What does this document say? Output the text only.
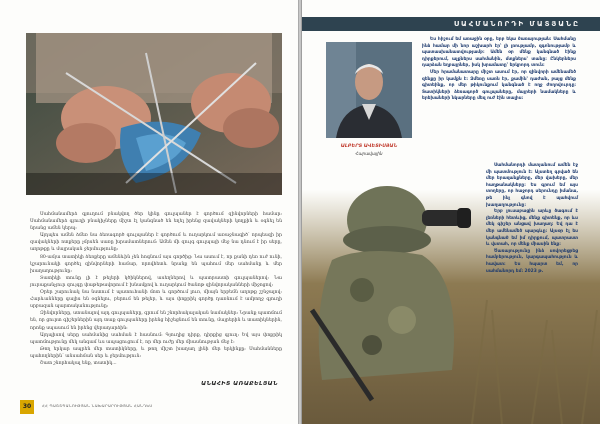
Սահմանամերձ գյուղում բնակվող ծեր կինը գուլպաներ է գործում զինվորների համար։ Սահմանամերձ գյուղի բնակիչները միշտ էլ կանգնած են եղել իրենց զավակների կողքին և օգնել են նրանց ամեն կերպ։

Այդպես ամեն ձմեռ նա ձեռագործ գուլպաներ է գործում և ուղարկում առաջնագիծ՝ որպեսզի իր զավակների ոտքերը չմրսեն սառը խրամատներում։ Ամեն մի զույգ գուլպայի մեջ նա դնում է իր սերը, աղոթքը և մայրական ջերմությունը։

80-ամյա տատիկի ձեռքերը ամենևին չեն հոգնում այս գործից։ Նա ասում է, որ քանի դեռ ուժ ունի, կշարունակի գործել զինվորների համար, որովհետև նրանք են պահում մեր սահմանը և մեր խաղաղությունը։

Տատիկի տունը լի է թելերի կծիկներով, ասեղներով և պատրաստի գուլպաներով։ Նա յուրաքանչյուր զույգը փաթեթավորում է խնամքով և ուղարկում ծանոթ զինվորականների միջոցով։

Օրեր շարունակ նա նստում է պատուհանի մոտ և գործում լուռ, միայն երբեմն աղոթք շշնջալով։ Հարևանները գալիս են օգնելու, բերում են թելեր, և այս փոքրիկ գործը դառնում է ամբողջ գյուղի սրբազան պարտականությունը։

Զինվորները, ստանալով այդ գուլպաները, գրում են շնորհակալական նամակներ։ Նրանք պատմում են, որ ցուրտ գիշերներին այդ տաք գուլպաները իրենց հիշեցնում են տունը, մայրերին և տատիկներին, որոնք սպասում են իրենց վերադարձին։

Այդպիսով սերը սահմանից սահման է հասնում։ Գյուղից դիրք, դիրքից գյուղ։ Եվ այս փոքրիկ պատմությունը մեկ անգամ ևս ապացուցում է, որ մեր ուժը մեր միասնության մեջ է։

Թող երկար ապրեն մեր տատիկները, և թող միշտ խաղաղ լինի մեր երկինքը։ Սահմանները պահողներին՝ անսահման սեր և ջերմություն։

Շատ շնորհակալ ենք, տատիկ...

ԱՆԱՀԻՏ ԱՌԱՔԵԼՅԱՆ
30	ՀՀ ՊԱՇՏՊԱՆՈՒԹՅԱՆ ՆԱԽԱՐԱՐՈՒԹՅԱՆ ՀԱՆԴԵՍ
ՍԱՀՄԱՆՈՐԴԻ ՄԱՏՅԱՆԸ
ԱԼԲԵՐՏ ԱՎԵՏԻՍՅԱՆ
Հարավային

Ես հիշում եմ առաջին օրը, երբ եկա ծառայության։ Սահմանը ինձ համար մի նոր աշխարհ էր՝ լի լռությամբ, զգոնությամբ և պատասխանատվությամբ։ Ամեն օր մենք կանգնած էինք դիրքերում, աչքներս սահմանին, մտքներս՝ տանը։ Ընկերներս դարձան եղբայրներ, իսկ խրամատը՝ երկրորդ տուն։

Մեր հրամանատարը միշտ ասում էր, որ զինվորի ամենամեծ զենքը իր կամքն է։ Ձմեռը սառն էր, քամին՝ դաժան, բայց մենք գիտեինք, որ մեր թիկունքում կանգնած է ողջ ժողովուրդը։ Տատիկների ձեռագործ գուլպաները, մայրերի նամակները և երեխաների նկարները մեզ ուժ էին տալիս։

Սահմանորդի մատյանում ամեն էջ մի պատմություն է։ Այստեղ գրված են մեր երազանքները, մեր վախերը, մեր հաղթանակները։ Ես գրում եմ այս տողերը, որ հաջորդ սերունդը իմանա, թե ինչ գնով է պահվում խաղաղությունը։

Երբ լուսաբացին արևը ծագում է լեռների հետևից, մենք գիտենք, որ ևս մեկ գիշեր անցավ խաղաղ։ Եվ դա է մեր ամենամեծ պարգևը։ Այսօր էլ ես կանգնած եմ իմ դիրքում, պատրաստ և վստահ, որ մենք միասին ենք։

Ծառայությունը ինձ սովորեցրեց համբերություն, կարգապահություն և հավատ։ Ես հպարտ եմ, որ սահմանորդ եմ։ 2023 թ.
